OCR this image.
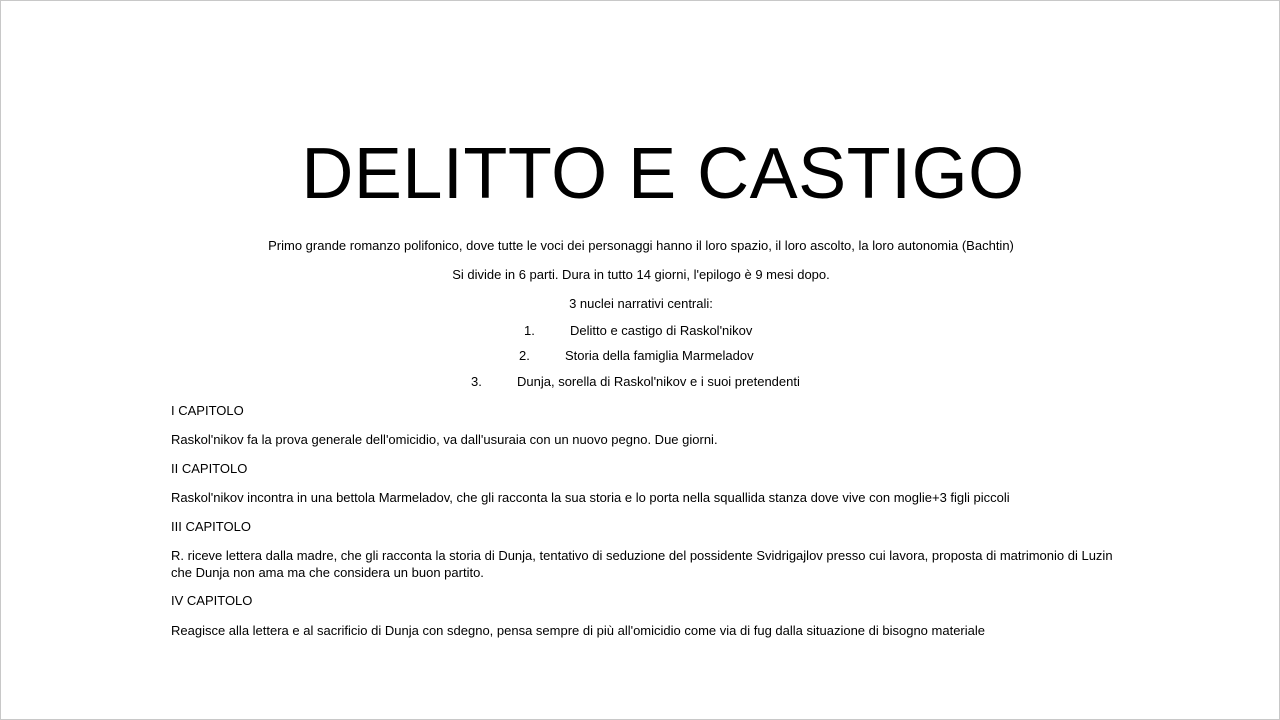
DELITTO E CASTIGO

Primo grande romanzo polifonico, dove tutte le voci dei personaggi hanno il loro spazio, il loro ascolto, la loro autonomia (Bachtin)

Si divide in 6 parti. Dura in tutto 14 giorni, l'epilogo è 9 mesi dopo.

3 nuclei narrativi centrali:

1.	Delitto e castigo di Raskol'nikov

2.	Storia della famiglia Marmeladov

3.	Dunja, sorella di Raskol'nikov e i suoi pretendenti

I CAPITOLO

Raskol'nikov fa la prova generale dell'omicidio, va dall'usuraia con un nuovo pegno. Due giorni.

II CAPITOLO

Raskol'nikov incontra in una bettola Marmeladov, che gli racconta la sua storia e lo porta nella squallida stanza dove vive con moglie+3 figli piccoli

III CAPITOLO

R. riceve lettera dalla madre, che gli racconta la storia di Dunja, tentativo di seduzione del possidente Svidrigajlov presso cui lavora, proposta di matrimonio di Luzin che Dunja non ama ma che considera un buon partito.

IV CAPITOLO

Reagisce alla lettera e al sacrificio di Dunja con sdegno, pensa sempre di più all'omicidio come via di fug dalla situazione di bisogno materiale
